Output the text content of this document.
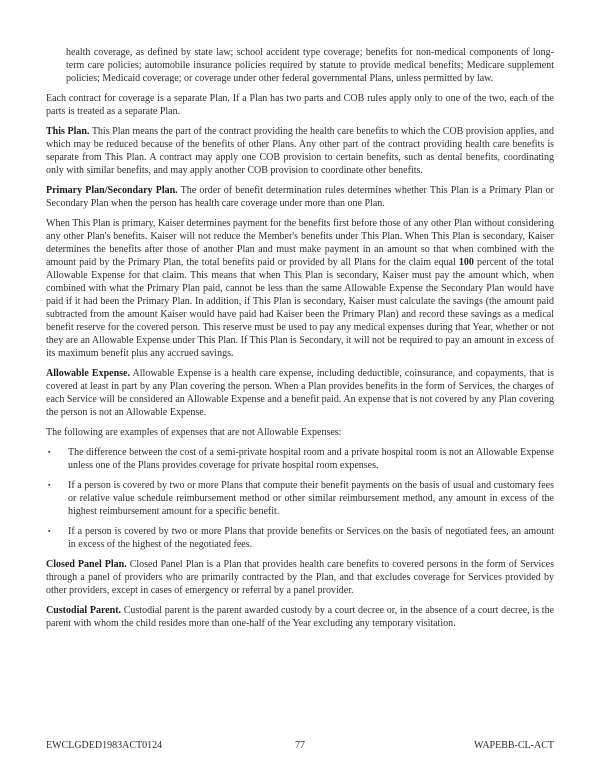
health coverage, as defined by state law; school accident type coverage; benefits for non-medical components of long-term care policies; automobile insurance policies required by statute to provide medical benefits; Medicare supplement policies; Medicaid coverage; or coverage under other federal governmental Plans, unless permitted by law.

Each contract for coverage is a separate Plan. If a Plan has two parts and COB rules apply only to one of the two, each of the parts is treated as a separate Plan.

This Plan. This Plan means the part of the contract providing the health care benefits to which the COB provision applies, and which may be reduced because of the benefits of other Plans. Any other part of the contract providing health care benefits is separate from This Plan. A contract may apply one COB provision to certain benefits, such as dental benefits, coordinating only with similar benefits, and may apply another COB provision to coordinate other benefits.

Primary Plan/Secondary Plan. The order of benefit determination rules determines whether This Plan is a Primary Plan or Secondary Plan when the person has health care coverage under more than one Plan.

When This Plan is primary, Kaiser determines payment for the benefits first before those of any other Plan without considering any other Plan's benefits. Kaiser will not reduce the Member's benefits under This Plan. When This Plan is secondary, Kaiser determines the benefits after those of another Plan and must make payment in an amount so that when combined with the amount paid by the Primary Plan, the total benefits paid or provided by all Plans for the claim equal 100 percent of the total Allowable Expense for that claim. This means that when This Plan is secondary, Kaiser must pay the amount which, when combined with what the Primary Plan paid, cannot be less than the same Allowable Expense the Secondary Plan would have paid if it had been the Primary Plan. In addition, if This Plan is secondary, Kaiser must calculate the savings (the amount paid subtracted from the amount Kaiser would have paid had Kaiser been the Primary Plan) and record these savings as a medical benefit reserve for the covered person. This reserve must be used to pay any medical expenses during that Year, whether or not they are an Allowable Expense under This Plan. If This Plan is Secondary, it will not be required to pay an amount in excess of its maximum benefit plus any accrued savings.

Allowable Expense. Allowable Expense is a health care expense, including deductible, coinsurance, and copayments, that is covered at least in part by any Plan covering the person. When a Plan provides benefits in the form of Services, the charges of each Service will be considered an Allowable Expense and a benefit paid. An expense that is not covered by any Plan covering the person is not an Allowable Expense.

The following are examples of expenses that are not Allowable Expenses:

▪	The difference between the cost of a semi-private hospital room and a private hospital room is not an Allowable Expense unless one of the Plans provides coverage for private hospital room expenses.
▪	If a person is covered by two or more Plans that compute their benefit payments on the basis of usual and customary fees or relative value schedule reimbursement method or other similar reimbursement method, any amount in excess of the highest reimbursement amount for a specific benefit.
▪	If a person is covered by two or more Plans that provide benefits or Services on the basis of negotiated fees, an amount in excess of the highest of the negotiated fees.

Closed Panel Plan. Closed Panel Plan is a Plan that provides health care benefits to covered persons in the form of Services through a panel of providers who are primarily contracted by the Plan, and that excludes coverage for Services provided by other providers, except in cases of emergency or referral by a panel provider.

Custodial Parent. Custodial parent is the parent awarded custody by a court decree or, in the absence of a court decree, is the parent with whom the child resides more than one-half of the Year excluding any temporary visitation.

EWCLGDED1983ACT0124	77	WAPEBB-CL-ACT
